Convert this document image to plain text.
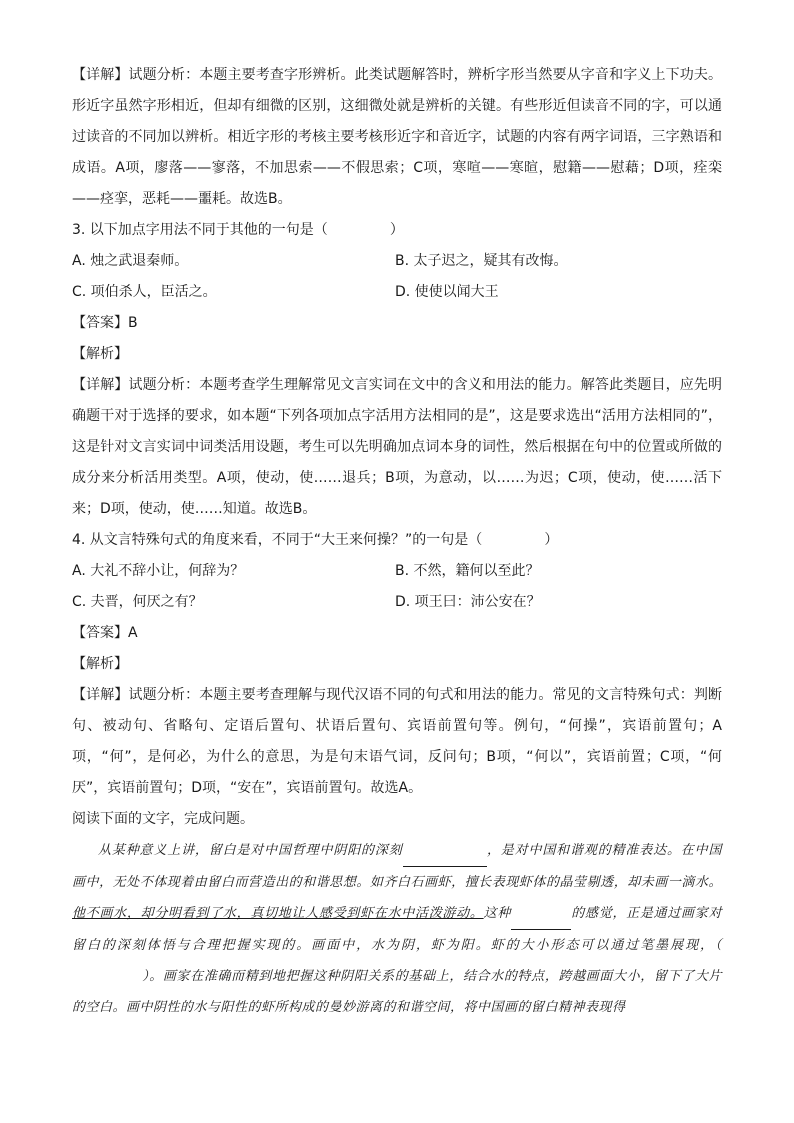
【详解】试题分析：本题主要考查字形辨析。此类试题解答时，辨析字形当然要从字音和字义上下功夫。形近字虽然字形相近，但却有细微的区别，这细微处就是辨析的关键。有些形近但读音不同的字，可以通过读音的不同加以辨析。相近字形的考核主要考核形近字和音近字，试题的内容有两字词语，三字熟语和成语。A项，廖落——寥落，不加思索——不假思索；C项，寒喧——寒暄，慰籍——慰藉；D项，痊栾——痉挛，恶耗——噩耗。故选B。

3. 以下加点字用法不同于其他的一句是（	）

A. 烛之武退秦师。	B. 太子迟之，疑其有改悔。
C. 项伯杀人，臣活之。	D. 使使以闻大王

【答案】B

【解析】

【详解】试题分析：本题考查学生理解常见文言实词在文中的含义和用法的能力。解答此类题目，应先明确题干对于选择的要求，如本题“下列各项加点字活用方法相同的是”，这是要求选出“活用方法相同的”，这是针对文言实词中词类活用设题，考生可以先明确加点词本身的词性，然后根据在句中的位置或所做的成分来分析活用类型。A项，使动，使……退兵；B项，为意动，以……为迟；C项，使动，使……活下来；D项，使动，使……知道。故选B。

4. 从文言特殊句式的角度来看，不同于“大王来何操？”的一句是（	）

A. 大礼不辞小让，何辞为？	B. 不然，籍何以至此？
C. 夫晋，何厌之有？	D. 项王曰：沛公安在？

【答案】A

【解析】

【详解】试题分析：本题主要考查理解与现代汉语不同的句式和用法的能力。常见的文言特殊句式：判断句、被动句、省略句、定语后置句、状语后置句、宾语前置句等。例句，“何操”，宾语前置句；A项，“何”，是何必，为什么的意思，为是句末语气词，反问句；B项，“何以”，宾语前置；C项，“何厌”，宾语前置句；D项，“安在”，宾语前置句。故选A。

阅读下面的文字，完成问题。

从某种意义上讲，留白是对中国哲理中阴阳的深刻	，是对中国和谐观的精准表达。在中国画中，无处不体现着由留白而营造出的和谐思想。如齐白石画虾，擅长表现虾体的晶莹剔透，却未画一滴水。他不画水，却分明看到了水，真切地让人感受到虾在水中活泼游动。这种	的感觉，正是通过画家对留白的深刻体悟与合理把握实现的。画面中，水为阴，虾为阳。虾的大小形态可以通过笔墨展现，（）。画家在准确而精到地把握这种阴阳关系的基础上，结合水的特点，跨越画面大小，留下了大片的空白。画中阴性的水与阳性的虾所构成的曼妙游离的和谐空间，将中国画的留白精神表现得
